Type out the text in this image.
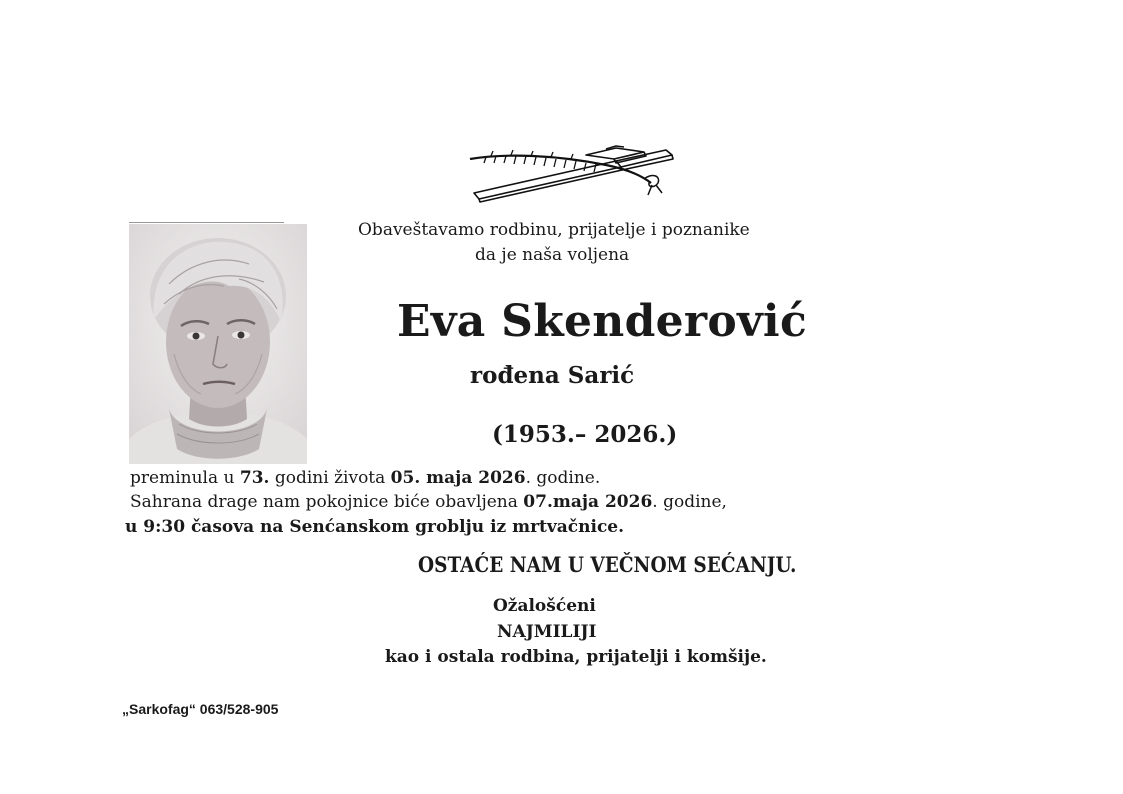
Obaveštavamo rodbinu, prijatelje i poznanike
da je naša voljena
Eva Skenderović
rođena Sarić
(1953.– 2026.)
preminula u 73. godini života 05. maja 2026. godine.
Sahrana drage nam pokojnice biće obavljena 07.maja 2026. godine,
u 9:30 časova na Senćanskom groblju iz mrtvačnice.
OSTAĆE NAM U VEČNOM SEĆANJU.
Ožalošćeni
NAJMILIJI
kao i ostala rodbina, prijatelji i komšije.
„Sarkofag“ 063/528-905
